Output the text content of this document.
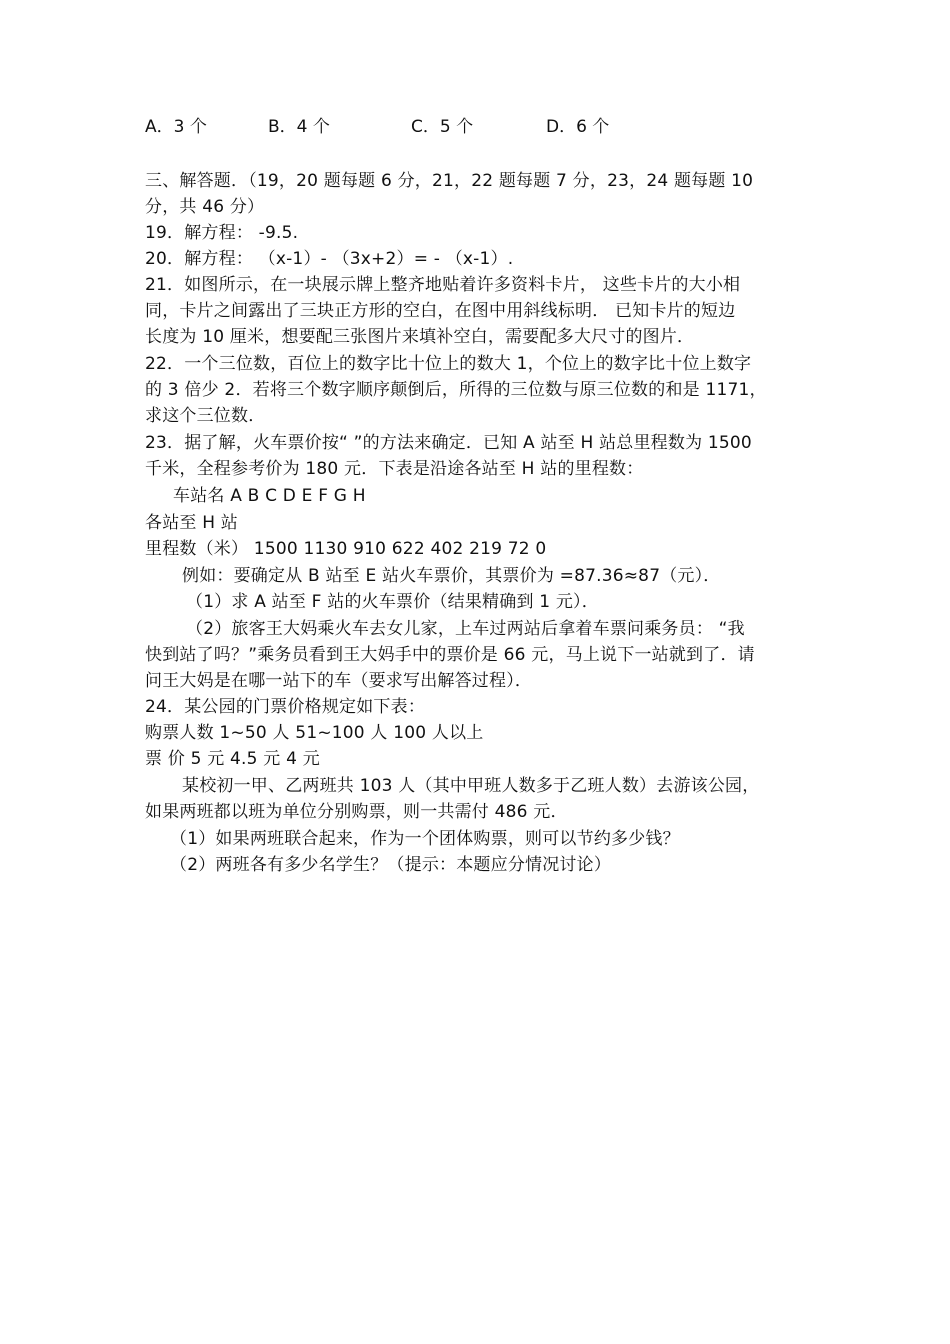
A．3 个	B．4 个	C．5 个	D．6 个
三、解答题．（19，20 题每题 6 分，21，22 题每题 7 分，23，24 题每题 10
分，共 46 分）
19．解方程： -9.5.
20．解方程： （x-1）- （3x+2）= - （x-1）.
21．如图所示，在一块展示牌上整齐地贴着许多资料卡片， 这些卡片的大小相
同，卡片之间露出了三块正方形的空白，在图中用斜线标明． 已知卡片的短边
长度为 10 厘米，想要配三张图片来填补空白，需要配多大尺寸的图片．
22．一个三位数，百位上的数字比十位上的数大 1，个位上的数字比十位上数字
的 3 倍少 2．若将三个数字顺序颠倒后，所得的三位数与原三位数的和是 1171，
求这个三位数．
23．据了解，火车票价按“ ”的方法来确定．已知 A 站至 H 站总里程数为 1500
千米，全程参考价为 180 元．下表是沿途各站至 H 站的里程数：
车站名 A B C D E F G H
各站至 H 站
里程数（米） 1500 1130 910 622 402 219 72 0
例如：要确定从 B 站至 E 站火车票价，其票价为 =87.36≈87（元）．
（1）求 A 站至 F 站的火车票价（结果精确到 1 元）．
（2）旅客王大妈乘火车去女儿家，上车过两站后拿着车票问乘务员： “我
快到站了吗？”乘务员看到王大妈手中的票价是 66 元，马上说下一站就到了．请
问王大妈是在哪一站下的车（要求写出解答过程）．
24．某公园的门票价格规定如下表：
购票人数 1~50 人 51~100 人 100 人以上
票 价 5 元 4.5 元 4 元
某校初一甲、乙两班共 103 人（其中甲班人数多于乙班人数）去游该公园，
如果两班都以班为单位分别购票，则一共需付 486 元．
（1）如果两班联合起来，作为一个团体购票，则可以节约多少钱？
（2）两班各有多少名学生？（提示：本题应分情况讨论）
